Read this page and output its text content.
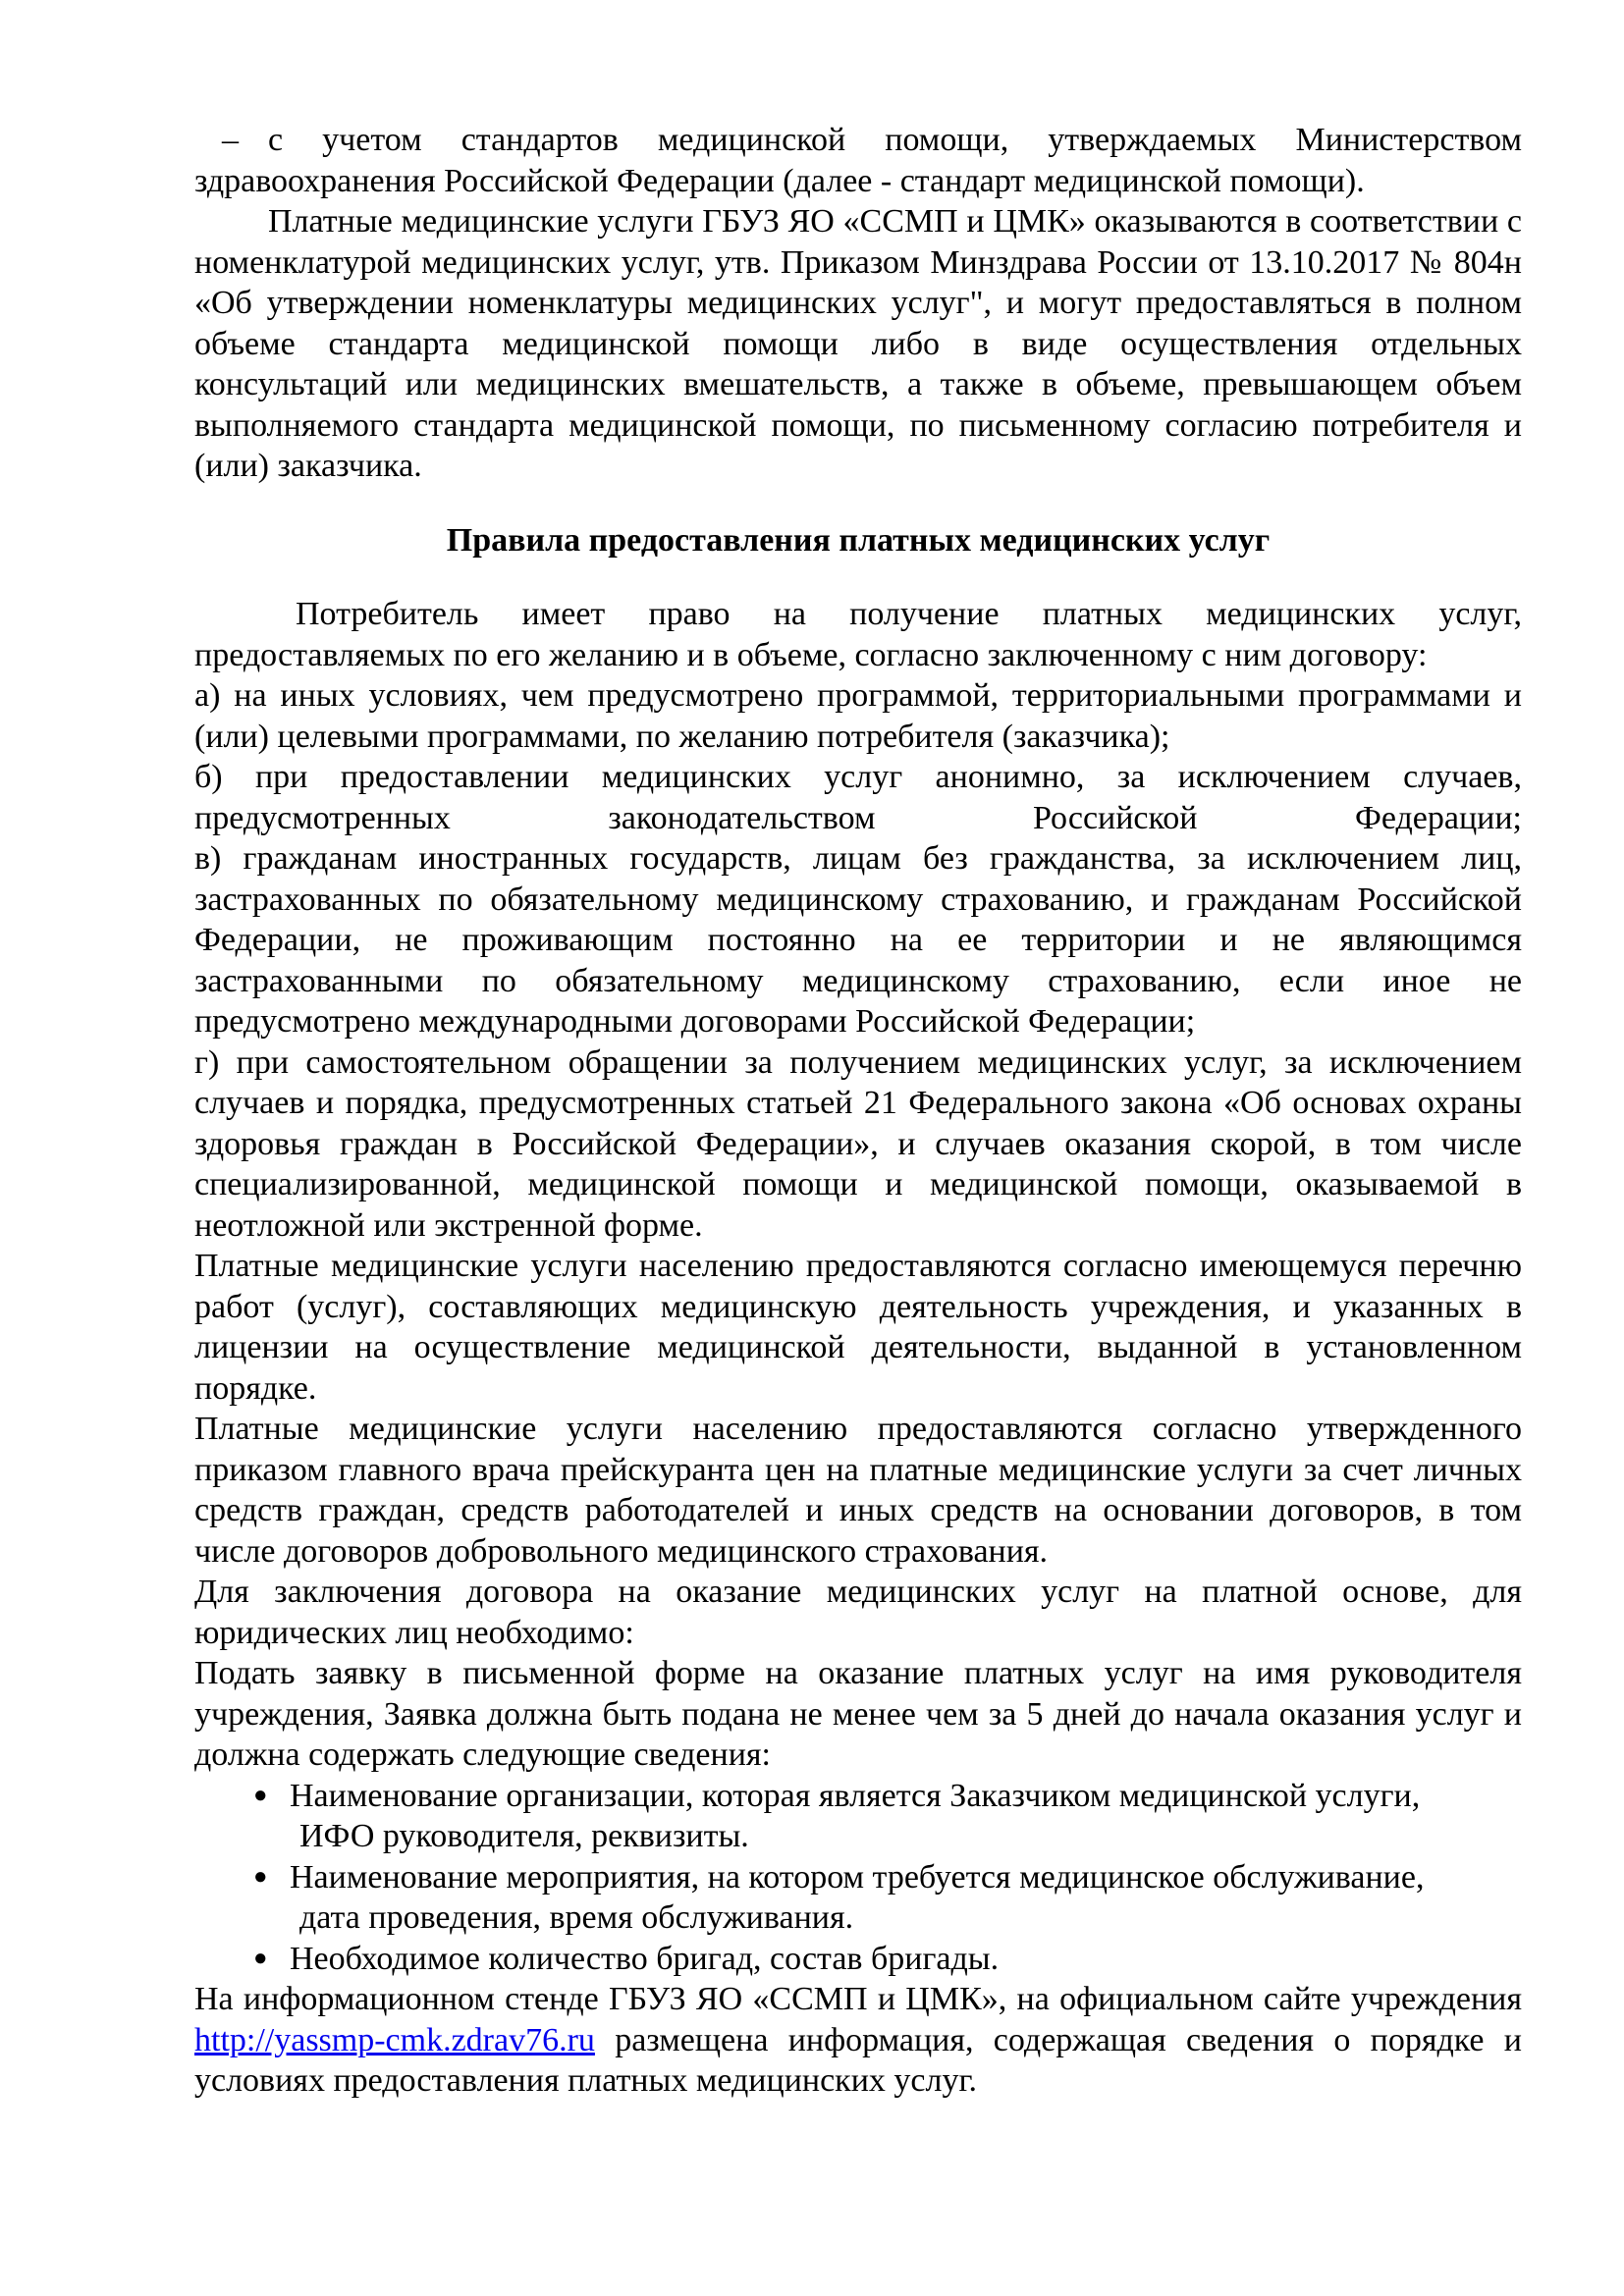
– с учетом стандартов медицинской помощи, утверждаемых Министерством здравоохранения Российской Федерации (далее - стандарт медицинской помощи).

Платные медицинские услуги ГБУЗ ЯО «ССМП и ЦМК» оказываются в соответствии с номенклатурой медицинских услуг, утв. Приказом Минздрава России от 13.10.2017 № 804н «Об утверждении номенклатуры медицинских услуг", и могут предоставляться в полном объеме стандарта медицинской помощи либо в виде осуществления отдельных консультаций или медицинских вмешательств, а также в объеме, превышающем объем выполняемого стандарта медицинской помощи, по письменному согласию потребителя и (или) заказчика.

Правила предоставления платных медицинских услуг

Потребитель имеет право на получение платных медицинских услуг, предоставляемых по его желанию и в объеме, согласно заключенному с ним договору:

а) на иных условиях, чем предусмотрено программой, территориальными программами и (или) целевыми программами, по желанию потребителя (заказчика);

б) при предоставлении медицинских услуг анонимно, за исключением случаев, предусмотренных законодательством Российской Федерации;

в) гражданам иностранных государств, лицам без гражданства, за исключением лиц, застрахованных по обязательному медицинскому страхованию, и гражданам Российской Федерации, не проживающим постоянно на ее территории и не являющимся застрахованными по обязательному медицинскому страхованию, если иное не предусмотрено международными договорами Российской Федерации;

г) при самостоятельном обращении за получением медицинских услуг, за исключением случаев и порядка, предусмотренных статьей 21 Федерального закона «Об основах охраны здоровья граждан в Российской Федерации», и случаев оказания скорой, в том числе специализированной, медицинской помощи и медицинской помощи, оказываемой в неотложной или экстренной форме.

Платные медицинские услуги населению предоставляются согласно имеющемуся перечню работ (услуг), составляющих медицинскую деятельность учреждения, и указанных в лицензии на осуществление медицинской деятельности, выданной в установленном порядке.

Платные медицинские услуги населению предоставляются согласно утвержденного приказом главного врача прейскуранта цен на платные медицинские услуги за счет личных средств граждан, средств работодателей и иных средств на основании договоров, в том числе договоров добровольного медицинского страхования.

Для заключения договора на оказание медицинских услуг на платной основе, для юридических лиц необходимо:

Подать заявку в письменной форме на оказание платных услуг на имя руководителя учреждения, Заявка должна быть подана не менее чем за 5 дней до начала оказания услуг и должна содержать следующие сведения:

● Наименование организации, которая является Заказчиком медицинской услуги,
ИФО руководителя, реквизиты.
● Наименование мероприятия, на котором требуется медицинское обслуживание,
дата проведения, время обслуживания.
● Необходимое количество бригад, состав бригады.

На информационном стенде ГБУЗ ЯО «ССМП и ЦМК», на официальном сайте учреждения http://yassmp-cmk.zdrav76.ru размещена информация, содержащая сведения о порядке и условиях предоставления платных медицинских услуг.
